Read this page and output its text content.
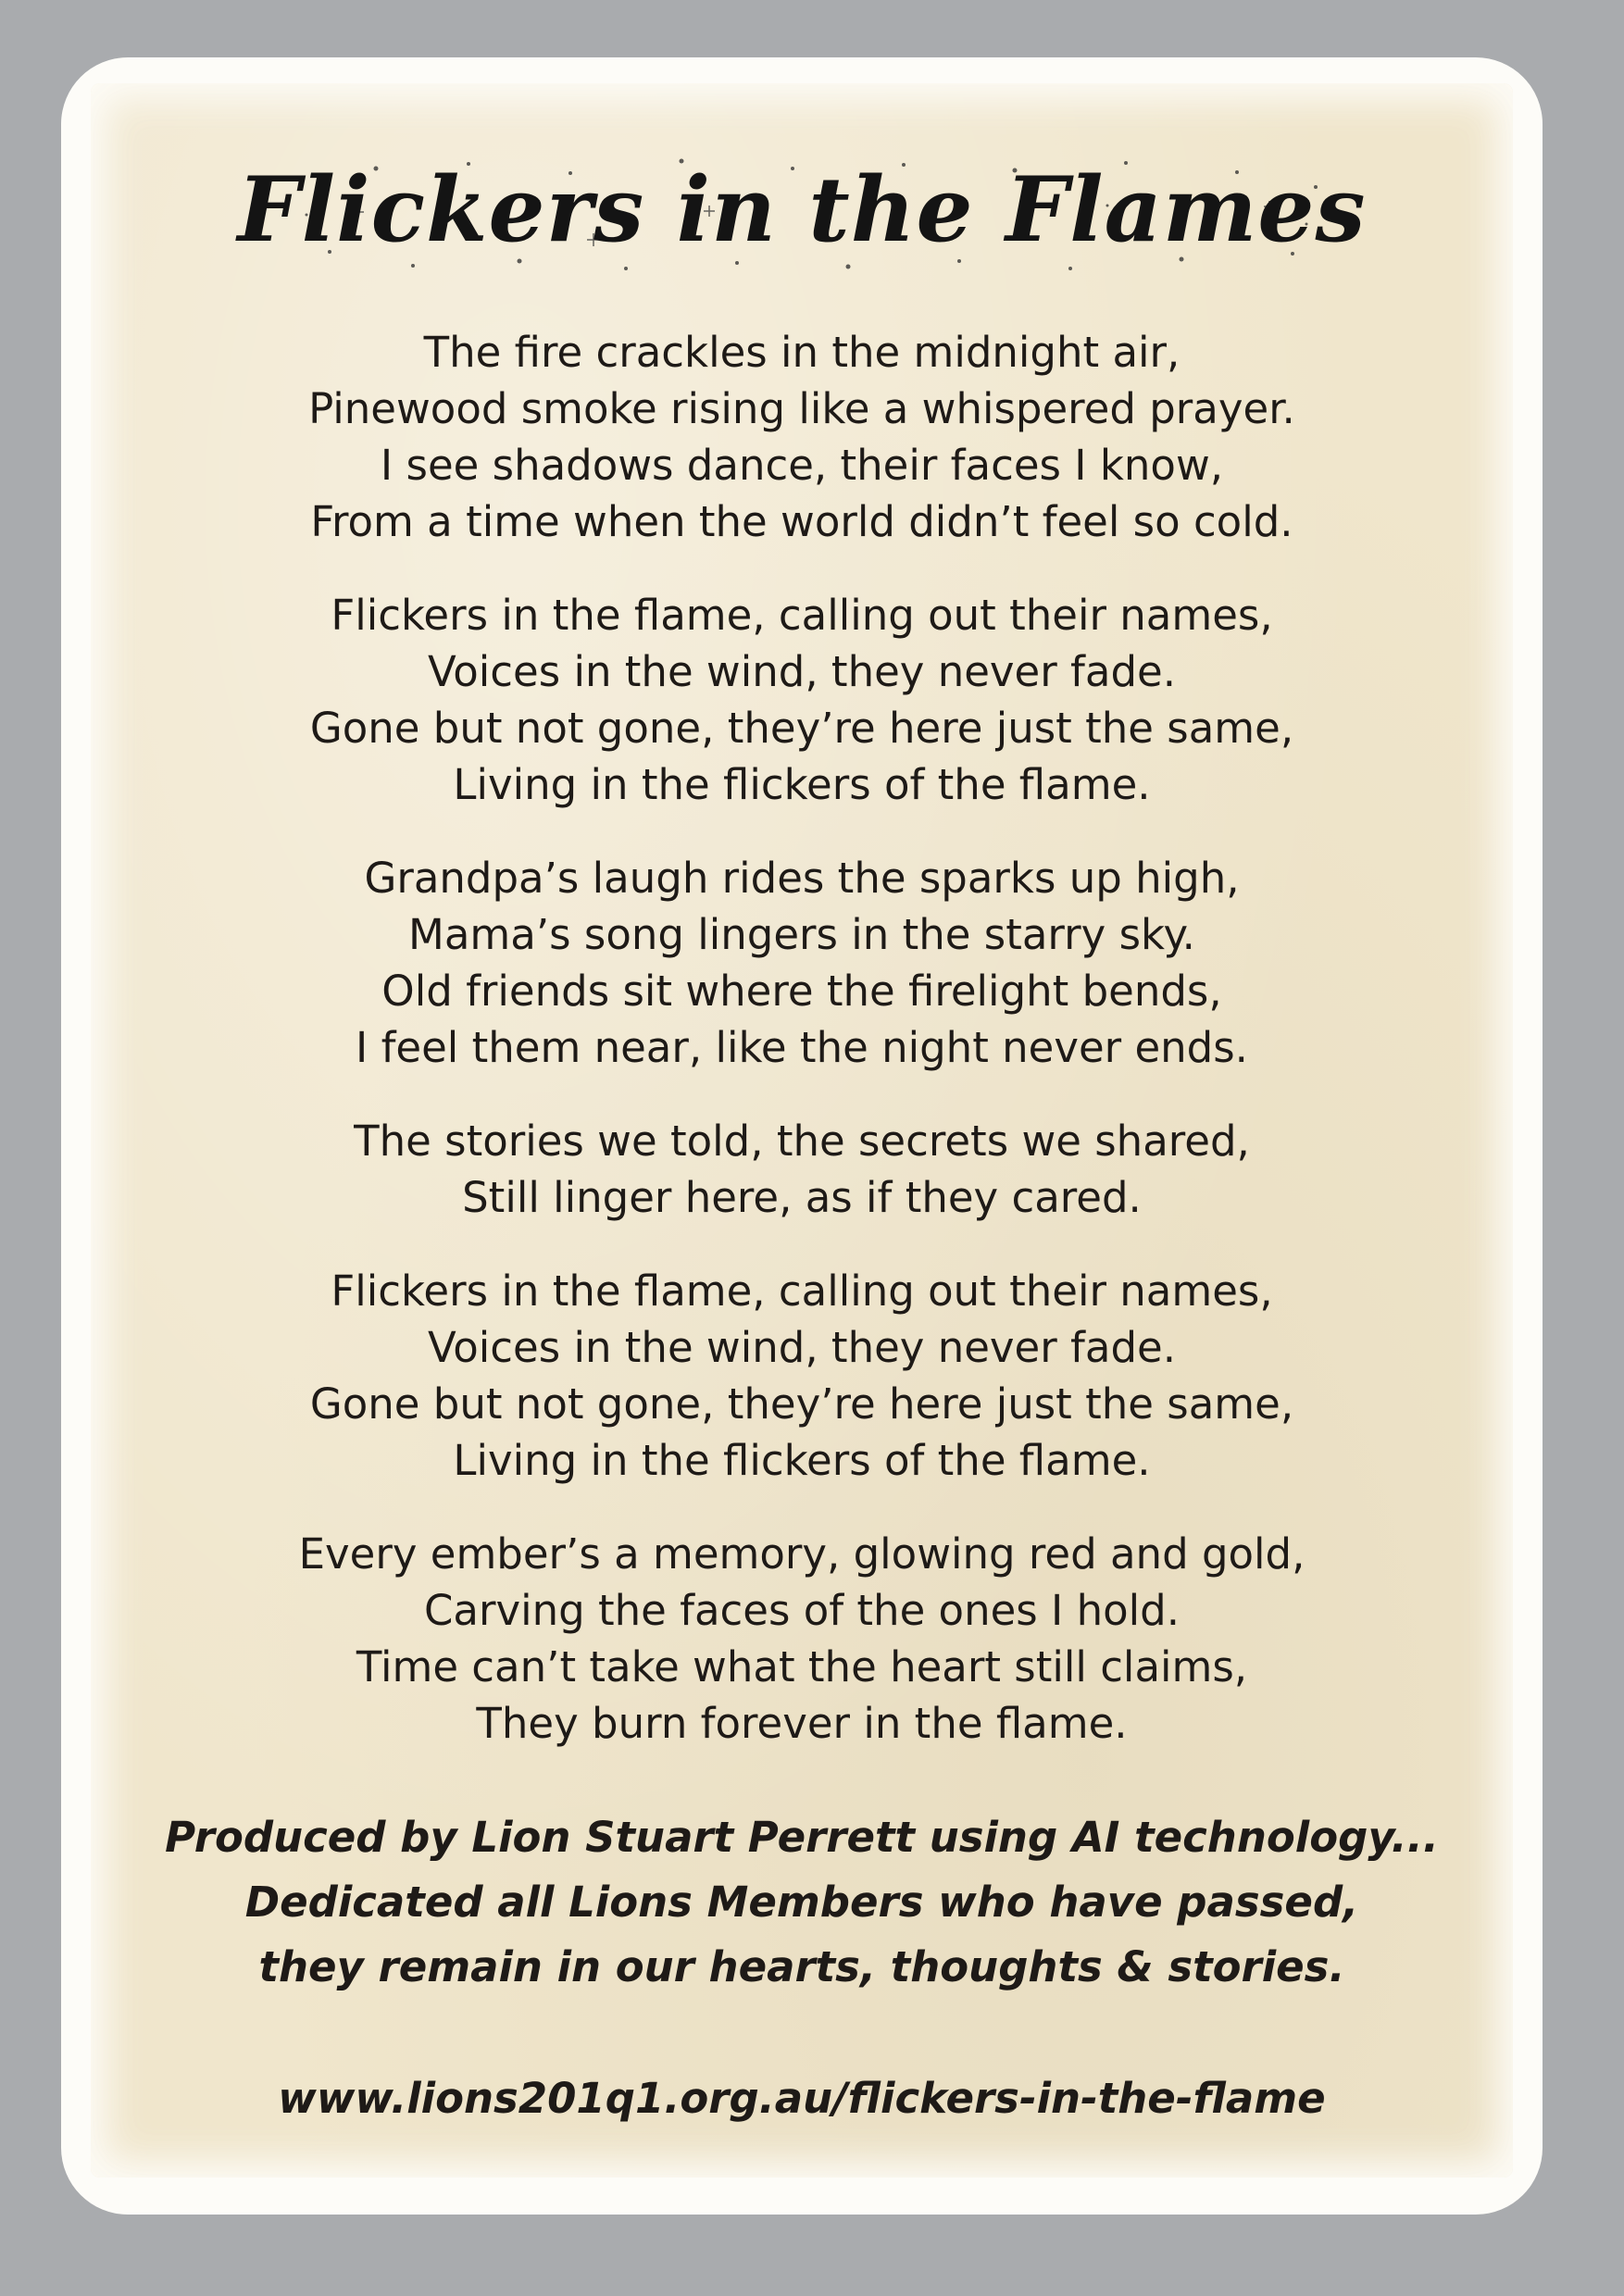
Flickers in the Flames
The fire crackles in the midnight air,
Pinewood smoke rising like a whispered prayer.
I see shadows dance, their faces I know,
From a time when the world didn’t feel so cold.
Flickers in the flame, calling out their names,
Voices in the wind, they never fade.
Gone but not gone, they’re here just the same,
Living in the flickers of the flame.
Grandpa’s laugh rides the sparks up high,
Mama’s song lingers in the starry sky.
Old friends sit where the firelight bends,
I feel them near, like the night never ends.
The stories we told, the secrets we shared,
Still linger here, as if they cared.
Flickers in the flame, calling out their names,
Voices in the wind, they never fade.
Gone but not gone, they’re here just the same,
Living in the flickers of the flame.
Every ember’s a memory, glowing red and gold,
Carving the faces of the ones I hold.
Time can’t take what the heart still claims,
They burn forever in the flame.
Produced by Lion Stuart Perrett using AI technology...
Dedicated all Lions Members who have passed,
they remain in our hearts, thoughts & stories.
www.lions201q1.org.au/flickers-in-the-flame
